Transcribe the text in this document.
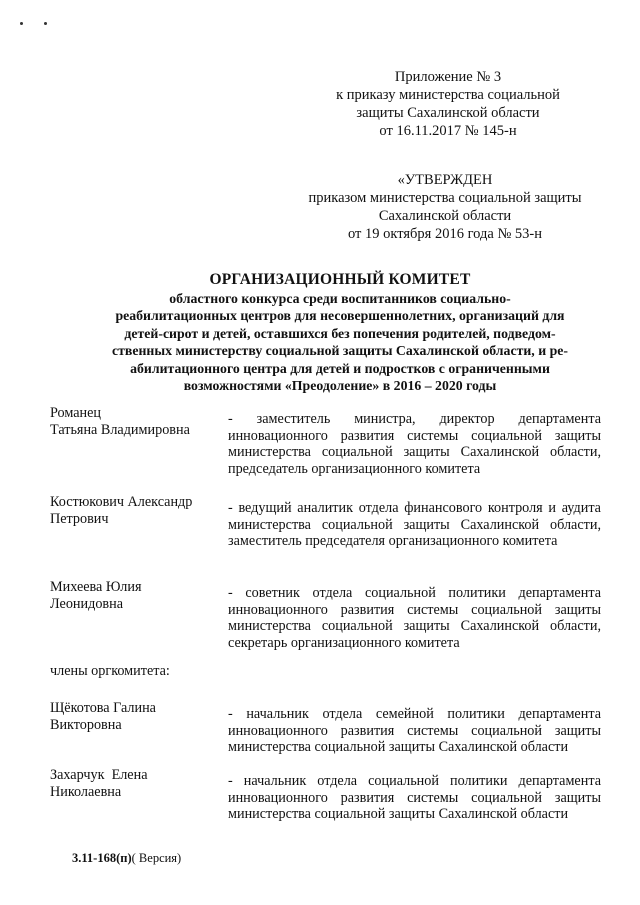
Приложение № 3
к приказу министерства социальной
защиты Сахалинской области
от 16.11.2017 № 145-н
«УТВЕРЖДЕН
приказом министерства социальной защиты
Сахалинской области
от 19 октября 2016 года № 53-н
ОРГАНИЗАЦИОННЫЙ КОМИТЕТ
областного конкурса среди воспитанников социально-
реабилитационных центров для несовершеннолетних, организаций для
детей-сирот и детей, оставшихся без попечения родителей, подведом-
ственных министерству социальной защиты Сахалинской области, и ре-
абилитационного центра для детей и подростков с ограниченными
возможностями «Преодоление» в 2016 – 2020 годы
Романец
Татьяна Владимировна
- заместитель министра, директор департамента инновационного развития системы социальной защиты министерства социальной защиты Сахалинской области, председатель организационного комитета
Костюкович Александр Петрович
- ведущий аналитик отдела финансового контроля и аудита министерства социальной защиты Сахалинской области, заместитель председателя организационного комитета
Михеева Юлия Леонидовна
- советник отдела социальной политики департамента инновационного развития системы социальной защиты министерства социальной защиты Сахалинской области, секретарь организационного комитета
члены оргкомитета:
Щёкотова Галина Викторовна
- начальник отдела семейной политики департамента инновационного развития системы социальной защиты министерства социальной защиты Сахалинской области
Захарчук  Елена Николаевна
- начальник отдела социальной политики департамента инновационного развития системы социальной защиты министерства социальной защиты Сахалинской области
3.11-168(п)( Версия)
